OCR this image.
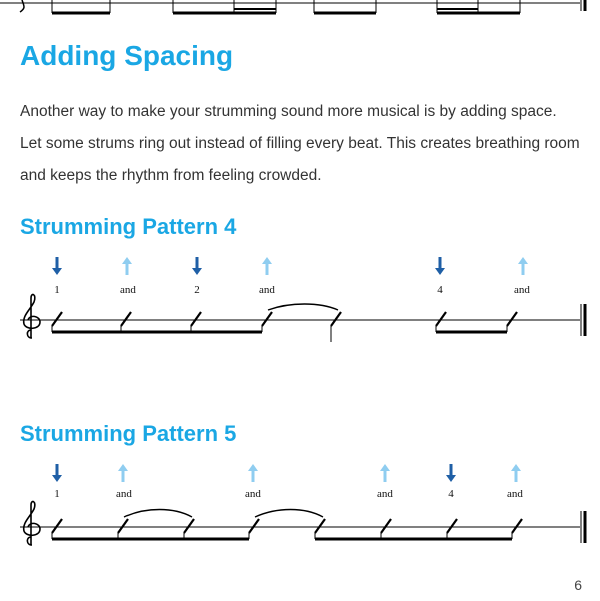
Adding Spacing

Another way to make your strumming sound more musical is by adding space. Let some strums ring out instead of filling every beat. This creates breathing room and keeps the rhythm from feeling crowded.

Strumming Pattern 4
1	and	2	and	4	and
Strumming Pattern 5
1	and	and	and	4	and
6
